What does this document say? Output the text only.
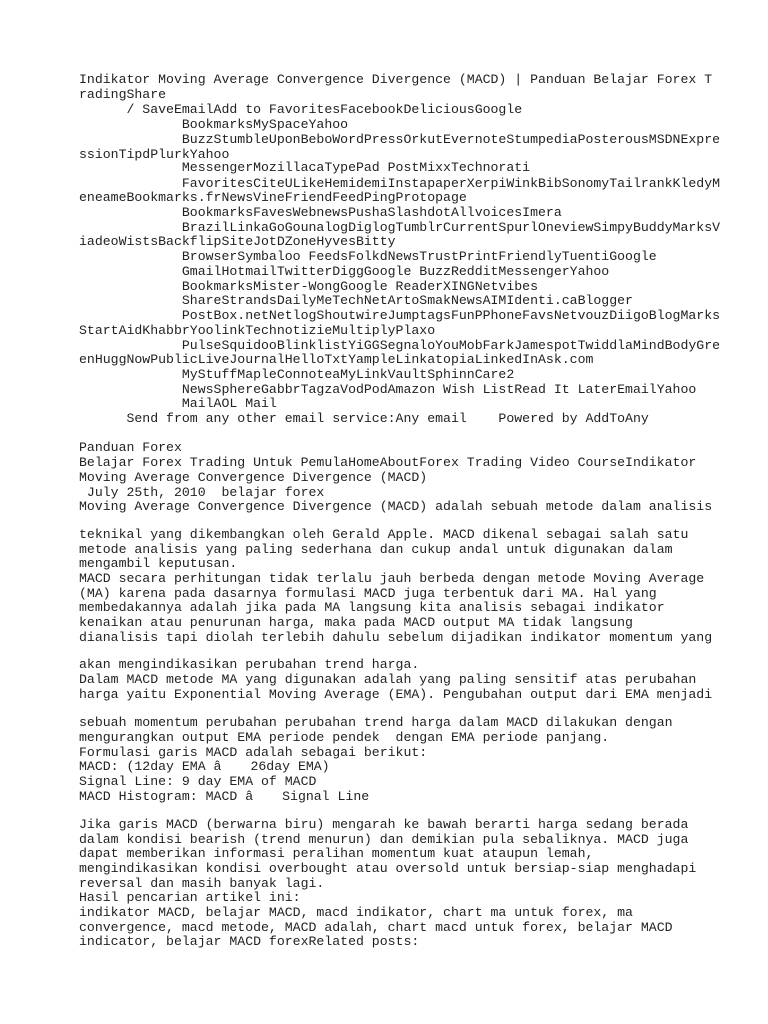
Indikator Moving Average Convergence Divergence (MACD) | Panduan Belajar Forex T
radingShare
/ SaveEmailAdd to FavoritesFacebookDeliciousGoogle
BookmarksMySpaceYahoo
BuzzStumbleUponBeboWordPressOrkutEvernoteStumpediaPosterousMSDNExpre
ssionTipdPlurkYahoo
MessengerMozillacaTypePad PostMixxTechnorati
FavoritesCiteULikeHemidemiInstapaperXerpiWinkBibSonomyTailrankKledyM
eneameBookmarks.frNewsVineFriendFeedPingProtopage
BookmarksFavesWebnewsPushaSlashdotAllvoicesImera
BrazilLinkaGoGounalogDiglogTumblrCurrentSpurlOneviewSimpyBuddyMarksV
iadeoWistsBackflipSiteJotDZoneHyvesBitty
BrowserSymbaloo FeedsFolkdNewsTrustPrintFriendlyTuentiGoogle
GmailHotmailTwitterDiggGoogle BuzzRedditMessengerYahoo
BookmarksMister-WongGoogle ReaderXINGNetvibes
ShareStrandsDailyMeTechNetArtoSmakNewsAIMIdenti.caBlogger
PostBox.netNetlogShoutwireJumptagsFunPPhoneFavsNetvouzDiigoBlogMarks
StartAidKhabbrYoolinkTechnotizieMultiplyPlaxo
PulseSquidooBlinklistYiGGSegnaloYouMobFarkJamespotTwiddlaMindBodyGre
enHuggNowPublicLiveJournalHelloTxtYampleLinkatopiaLinkedInAsk.com
MyStuffMapleConnoteaMyLinkVaultSphinnCare2
NewsSphereGabbrTagzaVodPodAmazon Wish ListRead It LaterEmailYahoo
MailAOL Mail
Send from any other email service:Any email    Powered by AddToAny
Panduan Forex
Belajar Forex Trading Untuk PemulaHomeAboutForex Trading Video CourseIndikator
Moving Average Convergence Divergence (MACD)
July 25th, 2010  belajar forex
Moving Average Convergence Divergence (MACD) adalah sebuah metode dalam analisis
teknikal yang dikembangkan oleh Gerald Apple. MACD dikenal sebagai salah satu
metode analisis yang paling sederhana dan cukup andal untuk digunakan dalam
mengambil keputusan.
MACD secara perhitungan tidak terlalu jauh berbeda dengan metode Moving Average
(MA) karena pada dasarnya formulasi MACD juga terbentuk dari MA. Hal yang
membedakannya adalah jika pada MA langsung kita analisis sebagai indikator
kenaikan atau penurunan harga, maka pada MACD output MA tidak langsung
dianalisis tapi diolah terlebih dahulu sebelum dijadikan indikator momentum yang
akan mengindikasikan perubahan trend harga.
Dalam MACD metode MA yang digunakan adalah yang paling sensitif atas perubahan
harga yaitu Exponential Moving Average (EMA). Pengubahan output dari EMA menjadi
sebuah momentum perubahan perubahan trend harga dalam MACD dilakukan dengan
mengurangkan output EMA periode pendek  dengan EMA periode panjang.
Formulasi garis MACD adalah sebagai berikut:
MACD: (12day EMA â 26day EMA)
Signal Line: 9 day EMA of MACD
MACD Histogram: MACD â Signal Line
Jika garis MACD (berwarna biru) mengarah ke bawah berarti harga sedang berada
dalam kondisi bearish (trend menurun) dan demikian pula sebaliknya. MACD juga
dapat memberikan informasi peralihan momentum kuat ataupun lemah,
mengindikasikan kondisi overbought atau oversold untuk bersiap-siap menghadapi
reversal dan masih banyak lagi.
Hasil pencarian artikel ini:
indikator MACD, belajar MACD, macd indikator, chart ma untuk forex, ma
convergence, macd metode, MACD adalah, chart macd untuk forex, belajar MACD
indicator, belajar MACD forexRelated posts:
